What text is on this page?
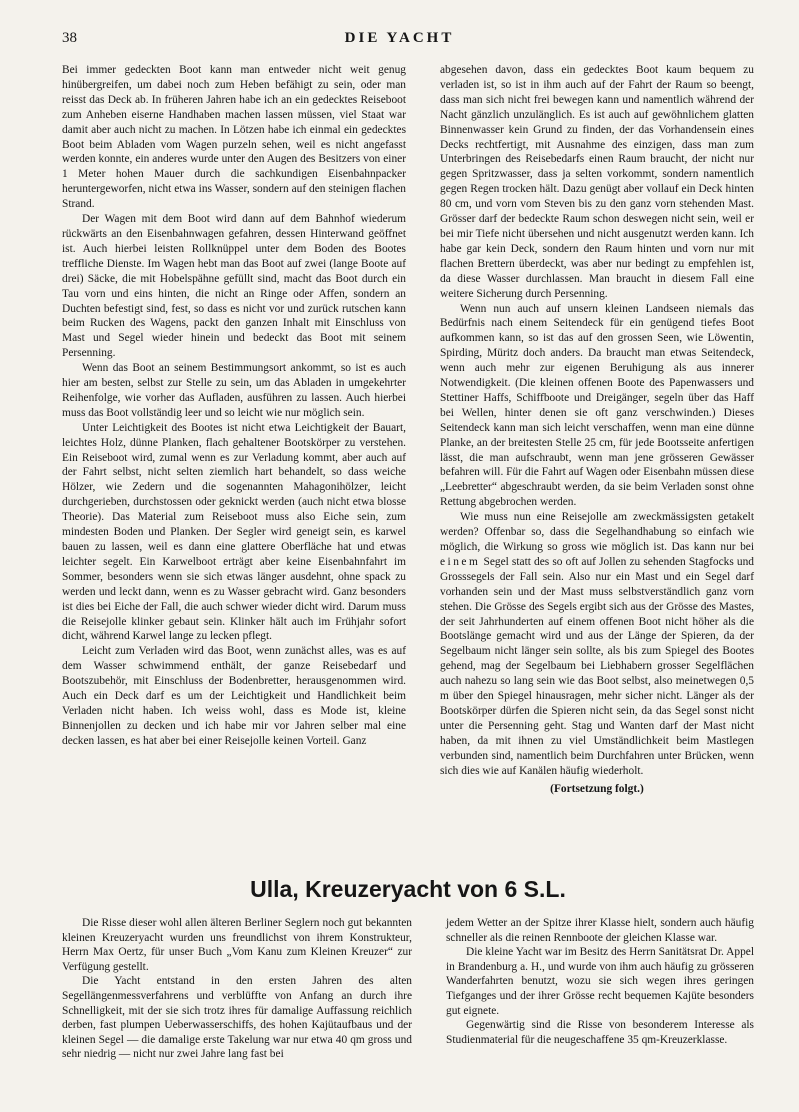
38	DIE YACHT

Bei immer gedeckten Boot kann man entweder nicht weit genug hinübergreifen, um dabei noch zum Heben befähigt zu sein, oder man reisst das Deck ab. In früheren Jahren habe ich an ein gedecktes Reiseboot zum Anheben eiserne Handhaben machen lassen müssen, viel Staat war damit aber auch nicht zu machen. In Lötzen habe ich einmal ein gedecktes Boot beim Abladen vom Wagen purzeln sehen, weil es nicht angefasst werden konnte, ein anderes wurde unter den Augen des Besitzers von einer 1 Meter hohen Mauer durch die sachkundigen Eisenbahnpacker heruntergeworfen, nicht etwa ins Wasser, sondern auf den steinigen flachen Strand.

Der Wagen mit dem Boot wird dann auf dem Bahnhof wiederum rückwärts an den Eisenbahnwagen gefahren, dessen Hinterwand geöffnet ist. Auch hierbei leisten Rollknüppel unter dem Boden des Bootes treffliche Dienste. Im Wagen hebt man das Boot auf zwei (lange Boote auf drei) Säcke, die mit Hobelspähne gefüllt sind, macht das Boot durch ein Tau vorn und eins hinten, die nicht an Ringe oder Affen, sondern an Duchten befestigt sind, fest, so dass es nicht vor und zurück rutschen kann beim Rucken des Wagens, packt den ganzen Inhalt mit Einschluss von Mast und Segel wieder hinein und bedeckt das Boot mit seinem Persenning.

Wenn das Boot an seinem Bestimmungsort ankommt, so ist es auch hier am besten, selbst zur Stelle zu sein, um das Abladen in umgekehrter Reihenfolge, wie vorher das Aufladen, ausführen zu lassen. Auch hierbei muss das Boot vollständig leer und so leicht wie nur möglich sein.

Unter Leichtigkeit des Bootes ist nicht etwa Leichtigkeit der Bauart, leichtes Holz, dünne Planken, flach gehaltener Bootskörper zu verstehen. Ein Reiseboot wird, zumal wenn es zur Verladung kommt, aber auch auf der Fahrt selbst, nicht selten ziemlich hart behandelt, so dass weiche Hölzer, wie Zedern und die sogenannten Mahagonihölzer, leicht durchgerieben, durchstossen oder geknickt werden (auch nicht etwa blosse Theorie). Das Material zum Reiseboot muss also Eiche sein, zum mindesten Boden und Planken. Der Segler wird geneigt sein, es karwel bauen zu lassen, weil es dann eine glattere Oberfläche hat und etwas leichter segelt. Ein Karwelboot erträgt aber keine Eisenbahnfahrt im Sommer, besonders wenn sie sich etwas länger ausdehnt, ohne spack zu werden und leckt dann, wenn es zu Wasser gebracht wird. Ganz besonders ist dies bei Eiche der Fall, die auch schwer wieder dicht wird. Darum muss die Reisejolle klinker gebaut sein. Klinker hält auch im Frühjahr sofort dicht, während Karwel lange zu lecken pflegt.

Leicht zum Verladen wird das Boot, wenn zunächst alles, was es auf dem Wasser schwimmend enthält, der ganze Reisebedarf und Bootszubehör, mit Einschluss der Bodenbretter, herausgenommen wird. Auch ein Deck darf es um der Leichtigkeit und Handlichkeit beim Verladen nicht haben. Ich weiss wohl, dass es Mode ist, kleine Binnenjollen zu decken und ich habe mir vor Jahren selber mal eine decken lassen, es hat aber bei einer Reisejolle keinen Vorteil. Ganz

abgesehen davon, dass ein gedecktes Boot kaum bequem zu verladen ist, so ist in ihm auch auf der Fahrt der Raum so beengt, dass man sich nicht frei bewegen kann und namentlich während der Nacht gänzlich unzulänglich. Es ist auch auf gewöhnlichem glatten Binnenwasser kein Grund zu finden, der das Vorhandensein eines Decks rechtfertigt, mit Ausnahme des einzigen, dass man zum Unterbringen des Reisebedarfs einen Raum braucht, der nicht nur gegen Spritzwasser, dass ja selten vorkommt, sondern namentlich gegen Regen trocken hält. Dazu genügt aber vollauf ein Deck hinten 80 cm, und vorn vom Steven bis zu den ganz vorn stehenden Mast. Grösser darf der bedeckte Raum schon deswegen nicht sein, weil er bei mir Tiefe nicht übersehen und nicht ausgenutzt werden kann. Ich habe gar kein Deck, sondern den Raum hinten und vorn nur mit flachen Brettern überdeckt, was aber nur bedingt zu empfehlen ist, da diese Wasser durchlassen. Man braucht in diesem Fall eine weitere Sicherung durch Persenning.

Wenn nun auch auf unsern kleinen Landseen niemals das Bedürfnis nach einem Seitendeck für ein genügend tiefes Boot aufkommen kann, so ist das auf den grossen Seen, wie Löwentin, Spirding, Müritz doch anders. Da braucht man etwas Seitendeck, wenn auch mehr zur eigenen Beruhigung als aus innerer Notwendigkeit. (Die kleinen offenen Boote des Papenwassers und Stettiner Haffs, Schiffboote und Dreigänger, segeln über das Haff bei Wellen, hinter denen sie oft ganz verschwinden.) Dieses Seitendeck kann man sich leicht verschaffen, wenn man eine dünne Planke, an der breitesten Stelle 25 cm, für jede Bootsseite anfertigen lässt, die man aufschraubt, wenn man jene grösseren Gewässer befahren will. Für die Fahrt auf Wagen oder Eisenbahn müssen diese „Leebretter“ abgeschraubt werden, da sie beim Verladen sonst ohne Rettung abgebrochen werden.

Wie muss nun eine Reisejolle am zweckmässigsten getakelt werden? Offenbar so, dass die Segelhandhabung so einfach wie möglich, die Wirkung so gross wie möglich ist. Das kann nur bei einem Segel statt des so oft auf Jollen zu sehenden Stagfocks und Grosssegels der Fall sein. Also nur ein Mast und ein Segel darf vorhanden sein und der Mast muss selbstverständlich ganz vorn stehen. Die Grösse des Segels ergibt sich aus der Grösse des Mastes, der seit Jahrhunderten auf einem offenen Boot nicht höher als die Bootslänge gemacht wird und aus der Länge der Spieren, da der Segelbaum nicht länger sein sollte, als bis zum Spiegel des Bootes gehend, mag der Segelbaum bei Liebhabern grosser Segelflächen auch nahezu so lang sein wie das Boot selbst, also meinetwegen 0,5 m über den Spiegel hinausragen, mehr sicher nicht. Länger als der Bootskörper dürfen die Spieren nicht sein, da das Segel sonst nicht unter die Persenning geht. Stag und Wanten darf der Mast nicht haben, da mit ihnen zu viel Umständlichkeit beim Mastlegen verbunden sind, namentlich beim Durchfahren unter Brücken, wenn sich dies wie auf Kanälen häufig wiederholt.

(Fortsetzung folgt.)
Ulla, Kreuzeryacht von 6 S.L.

Die Risse dieser wohl allen älteren Berliner Seglern noch gut bekannten kleinen Kreuzeryacht wurden uns freundlichst von ihrem Konstrukteur, Herrn Max Oertz, für unser Buch „Vom Kanu zum Kleinen Kreuzer“ zur Verfügung gestellt.

Die Yacht entstand in den ersten Jahren des alten Segellängenmessverfahrens und verblüffte von Anfang an durch ihre Schnelligkeit, mit der sie sich trotz ihres für damalige Auffassung reichlich derben, fast plumpen Ueberwasserschiffs, des hohen Kajütaufbaus und der kleinen Segel — die damalige erste Takelung war nur etwa 40 qm gross und sehr niedrig — nicht nur zwei Jahre lang fast bei

jedem Wetter an der Spitze ihrer Klasse hielt, sondern auch häufig schneller als die reinen Rennboote der gleichen Klasse war.

Die kleine Yacht war im Besitz des Herrn Sanitätsrat Dr. Appel in Brandenburg a. H., und wurde von ihm auch häufig zu grösseren Wanderfahrten benutzt, wozu sie sich wegen ihres geringen Tiefganges und der ihrer Grösse recht bequemen Kajüte besonders gut eignete.

Gegenwärtig sind die Risse von besonderem Interesse als Studienmaterial für die neugeschaffene 35 qm-Kreuzerklasse.
